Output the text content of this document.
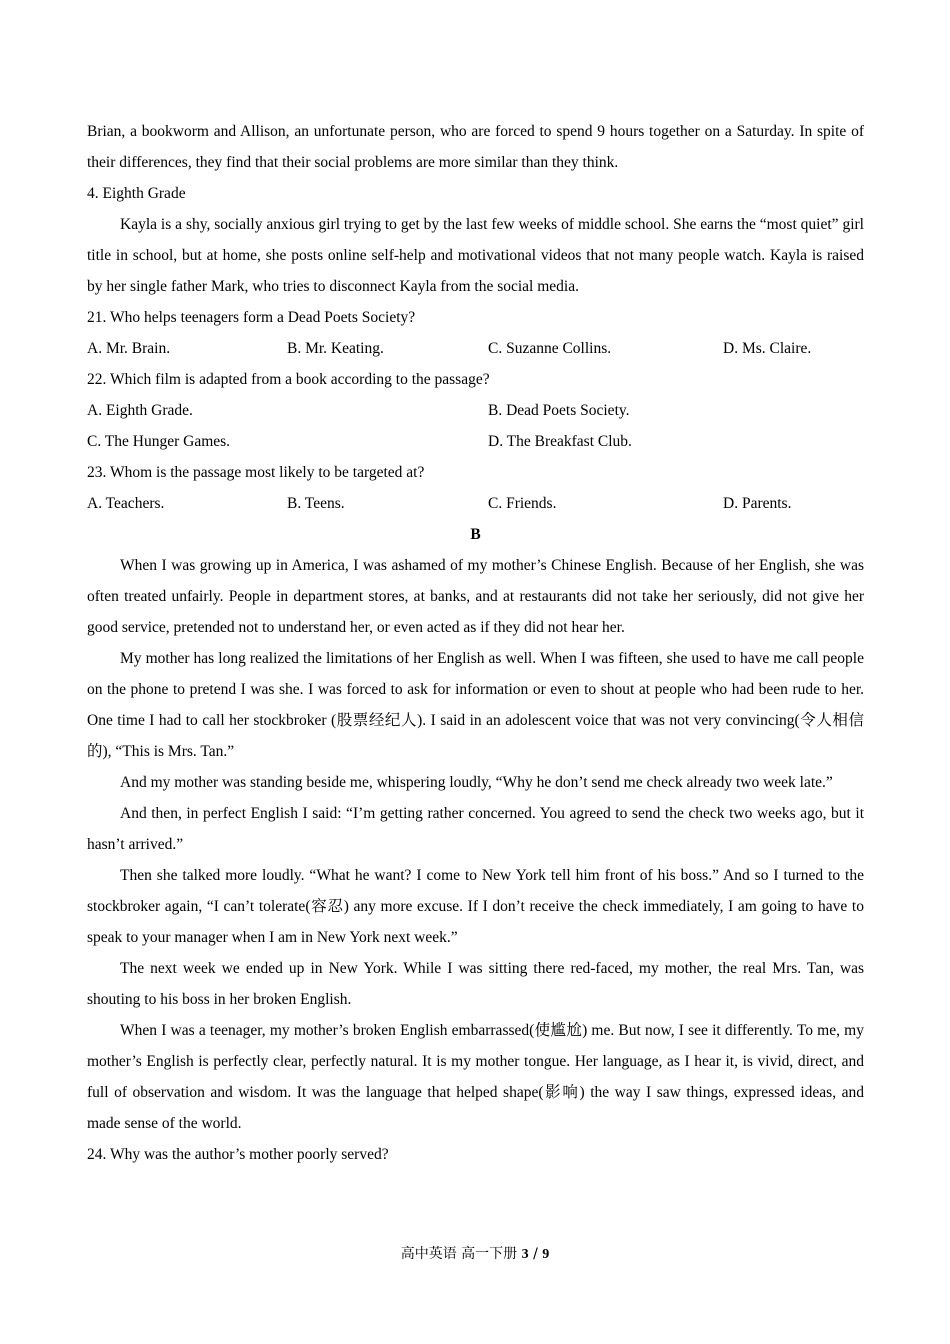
Brian, a bookworm and Allison, an unfortunate person, who are forced to spend 9 hours together on a Saturday. In spite of their differences, they find that their social problems are more similar than they think.

4. Eighth Grade

Kayla is a shy, socially anxious girl trying to get by the last few weeks of middle school. She earns the “most quiet” girl title in school, but at home, she posts online self-help and motivational videos that not many people watch. Kayla is raised by her single father Mark, who tries to disconnect Kayla from the social media.

21. Who helps teenagers form a Dead Poets Society?
A. Mr. Brain.	B. Mr. Keating.	C. Suzanne Collins.	D. Ms. Claire.
22. Which film is adapted from a book according to the passage?
A. Eighth Grade.	B. Dead Poets Society.
C. The Hunger Games.	D. The Breakfast Club.
23. Whom is the passage most likely to be targeted at?
A. Teachers.	B. Teens.	C. Friends.	D. Parents.
B

When I was growing up in America, I was ashamed of my mother’s Chinese English. Because of her English, she was often treated unfairly. People in department stores, at banks, and at restaurants did not take her seriously, did not give her good service, pretended not to understand her, or even acted as if they did not hear her.

My mother has long realized the limitations of her English as well. When I was fifteen, she used to have me call people on the phone to pretend I was she. I was forced to ask for information or even to shout at people who had been rude to her. One time I had to call her stockbroker (股票经纪人). I said in an adolescent voice that was not very convincing(令人相信的), “This is Mrs. Tan.”

And my mother was standing beside me, whispering loudly, “Why he don’t send me check already two week late.”

And then, in perfect English I said: “I’m getting rather concerned. You agreed to send the check two weeks ago, but it hasn’t arrived.”

Then she talked more loudly. “What he want? I come to New York tell him front of his boss.” And so I turned to the stockbroker again, “I can’t tolerate(容忍) any more excuse. If I don’t receive the check immediately, I am going to have to speak to your manager when I am in New York next week.”

The next week we ended up in New York. While I was sitting there red-faced, my mother, the real Mrs. Tan, was shouting to his boss in her broken English.

When I was a teenager, my mother’s broken English embarrassed(使尴尬) me. But now, I see it differently. To me, my mother’s English is perfectly clear, perfectly natural. It is my mother tongue. Her language, as I hear it, is vivid, direct, and full of observation and wisdom. It was the language that helped shape(影响) the way I saw things, expressed ideas, and made sense of the world.

24. Why was the author’s mother poorly served?
高中英语 高一下册 3 / 9
